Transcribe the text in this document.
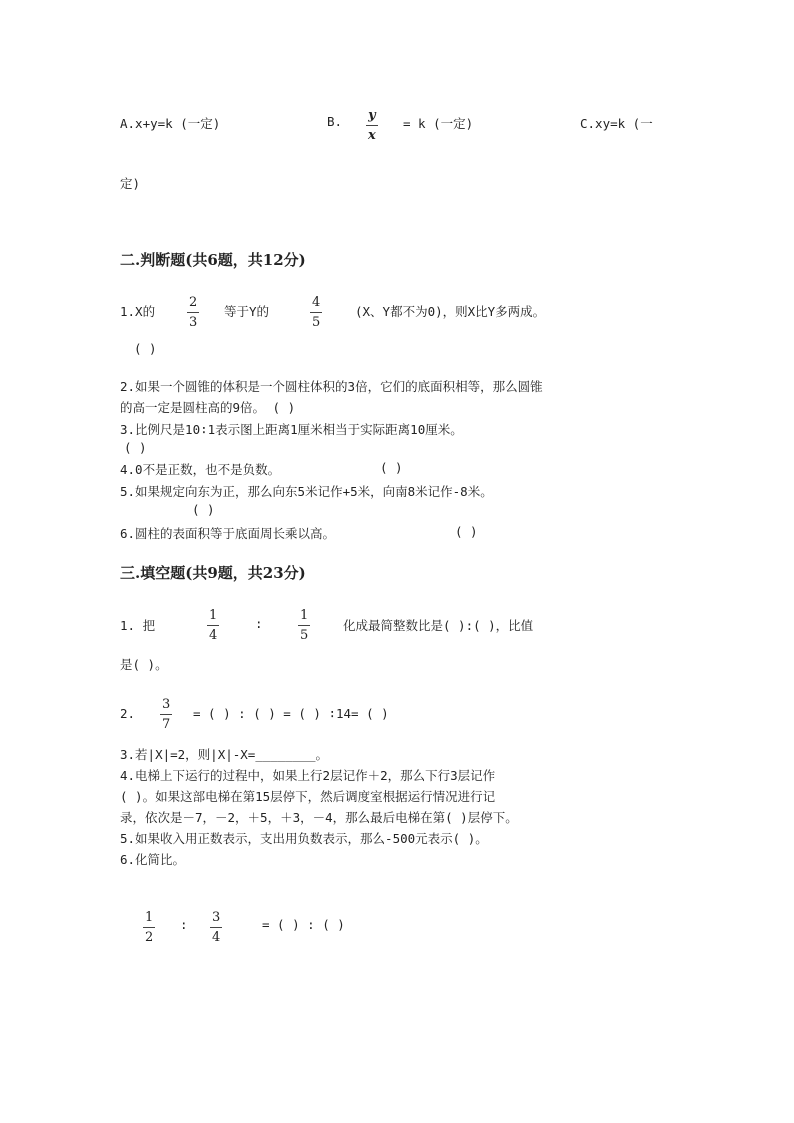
A.x+y=k (一定)	B. y
x
= k (一定)	C.xy=k (一
定)
二.判断题(共6题，共12分)
1.X的
2
3
等于Y的
4
5
(X、Y都不为0)，则X比Y多两成。
( )
2.如果一个圆锥的体积是一个圆柱体积的3倍，它们的底面积相等，那么圆锥
的高一定是圆柱高的9倍。 ( )
3.比例尺是10∶1表示图上距离1厘米相当于实际距离10厘米。
( )
4.0不是正数，也不是负数。	( )
5.如果规定向东为正，那么向东5米记作+5米，向南8米记作-8米。
( )
6.圆柱的表面积等于底面周长乘以高。	( )
三.填空题(共9题，共23分)
1. 把
1
4
:
1
5
化成最简整数比是( ):( )，比值
是( )。
2.
3
7
= ( ) : ( ) = ( ) ∶14= ( )
3.若|X|=2，则|X|-X=________。
4.电梯上下运行的过程中，如果上行2层记作＋2，那么下行3层记作
( )。如果这部电梯在第15层停下，然后调度室根据运行情况进行记
录，依次是－7，－2，＋5，＋3，－4，那么最后电梯在第( )层停下。
5.如果收入用正数表示，支出用负数表示，那么-500元表示( )。
6.化简比。
1
2
: 3
4
= ( ) : ( )
